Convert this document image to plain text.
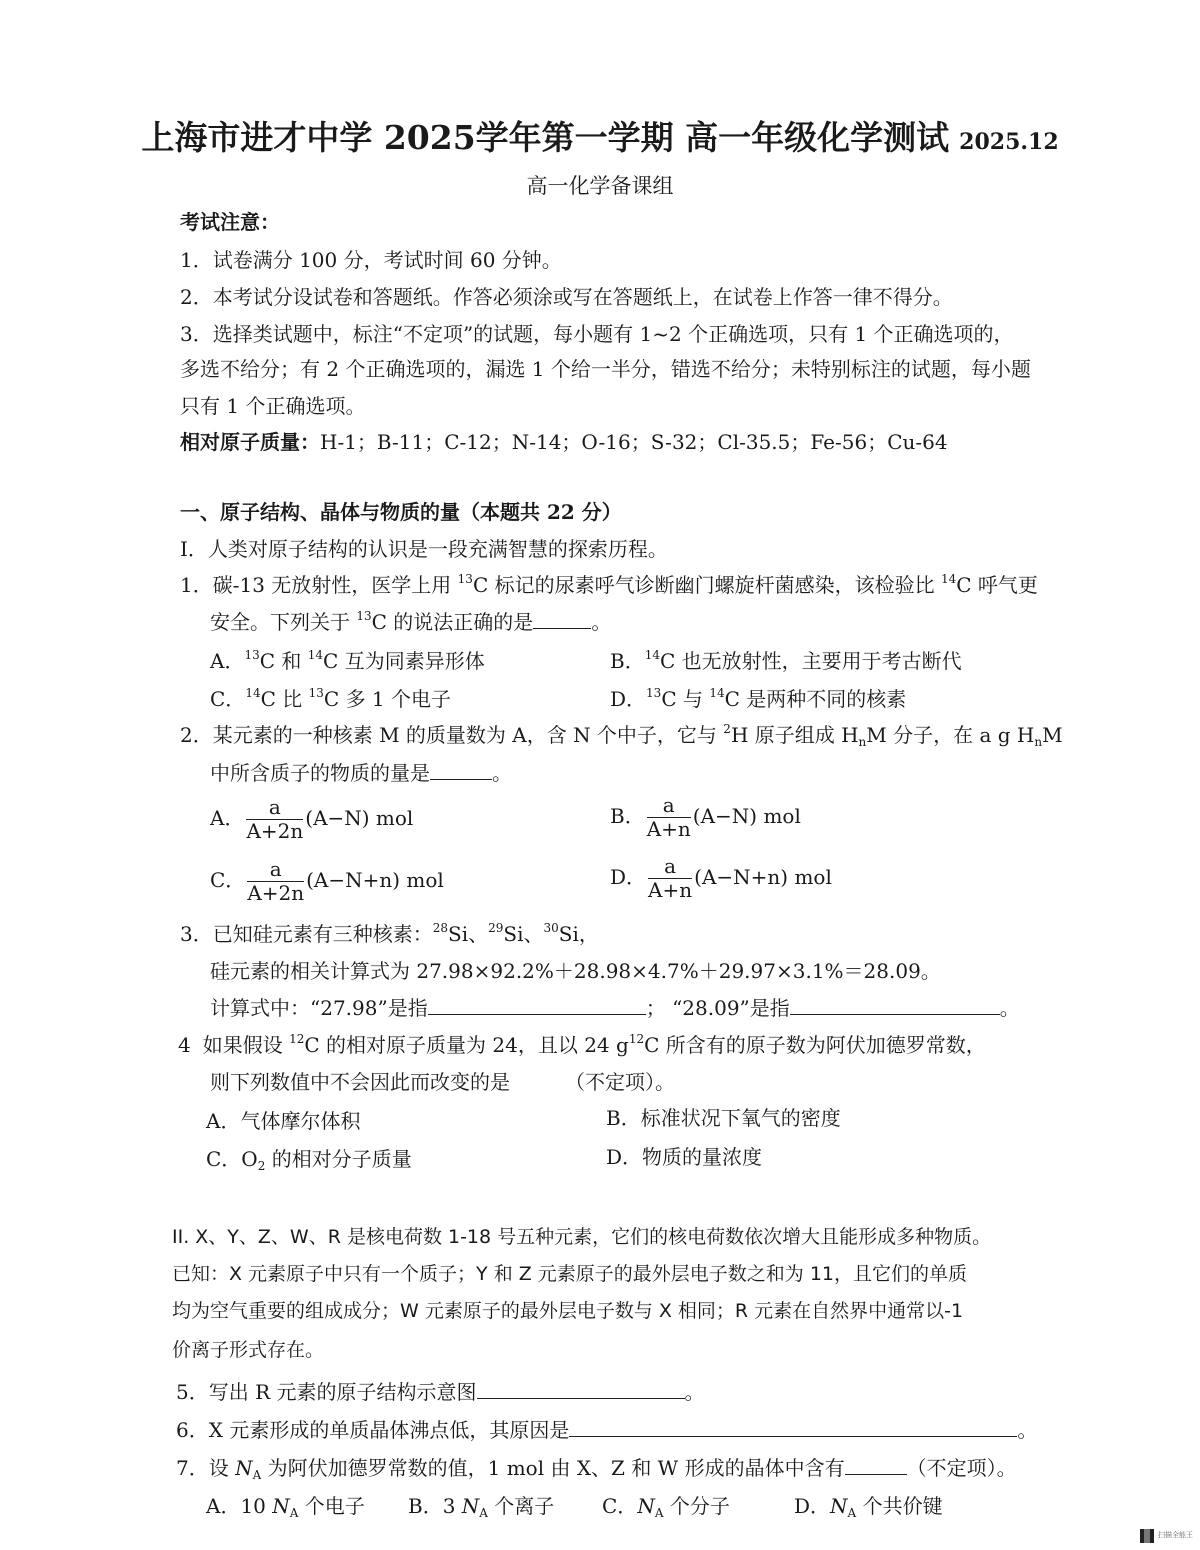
上海市进才中学 2025学年第一学期 高一年级化学测试 2025.12
高一化学备课组
考试注意：
1．试卷满分 100 分，考试时间 60 分钟。
2．本考试分设试卷和答题纸。作答必须涂或写在答题纸上，在试卷上作答一律不得分。
3．选择类试题中，标注“不定项”的试题，每小题有 1~2 个正确选项，只有 1 个正确选项的，
多选不给分；有 2 个正确选项的，漏选 1 个给一半分，错选不给分；未特别标注的试题，每小题
只有 1 个正确选项。
相对原子质量：H-1；B-11；C-12；N-14；O-16；S-32；Cl-35.5；Fe-56；Cu-64
一、原子结构、晶体与物质的量（本题共 22 分）
I．人类对原子结构的认识是一段充满智慧的探索历程。
1．碳-13 无放射性，医学上用 $^{13}$C 标记的尿素呼气诊断幽门螺旋杆菌感染，该检验比 $^{14}$C 呼气更
安全。下列关于 $^{13}$C 的说法正确的是	。
A．$^{13}$C 和 $^{14}$C 互为同素异形体	B．$^{14}$C 也无放射性，主要用于考古断代
C．$^{14}$C 比 $^{13}$C 多 1 个电子	D．$^{13}$C 与 $^{14}$C 是两种不同的核素
2．某元素的一种核素 M 的质量数为 A，含 N 个中子，它与 $^2$H 原子组成 $H_nM$ 分子，在 a g $H_nM$
中所含质子的物质的量是	。
A． $\frac{a}{A+2n} (A-N)$ mol	B． $\frac{a}{A+n} (A-N)$ mol
C． $\frac{a}{A+2n} (A-N+n)$ mol	D． $\frac{a}{A+n} (A-N+n)$ mol
3．已知硅元素有三种核素：$^{28}$Si、$^{29}$Si、$^{30}$Si，
硅元素的相关计算式为 27.98×92.2%＋28.98×4.7%＋29.97×3.1%＝28.09。
计算式中：“27.98”是指	； “28.09”是指	。
4 如果假设 $^{12}$C 的相对原子质量为 24，且以 24 $g^{12}C$ 所含有的原子数为阿伏加德罗常数，
则下列数值中不会因此而改变的是	（不定项）。
A．气体摩尔体积	B．标准状况下氧气的密度
C．$O_2$ 的相对分子质量	D．物质的量浓度
II. X、Y、Z、W、R 是核电荷数 1-18 号五种元素，它们的核电荷数依次增大且能形成多种物质。
已知：X 元素原子中只有一个质子；Y 和 Z 元素原子的最外层电子数之和为 11，且它们的单质
均为空气重要的组成成分；W 元素原子的最外层电子数与 X 相同；R 元素在自然界中通常以-1
价离子形式存在。
5．写出 R 元素的原子结构示意图	。
6．X 元素形成的单质晶体沸点低，其原因是	。
7．设 $N_A$ 为阿伏加德罗常数的值，1 mol 由 X、Z 和 W 形成的晶体中含有	（不定项）。
A．10 $N_A$ 个电子 B．3 $N_A$ 个离子 C．$N_A$ 个分子	D．$N_A$ 个共价键
扫描全能王
